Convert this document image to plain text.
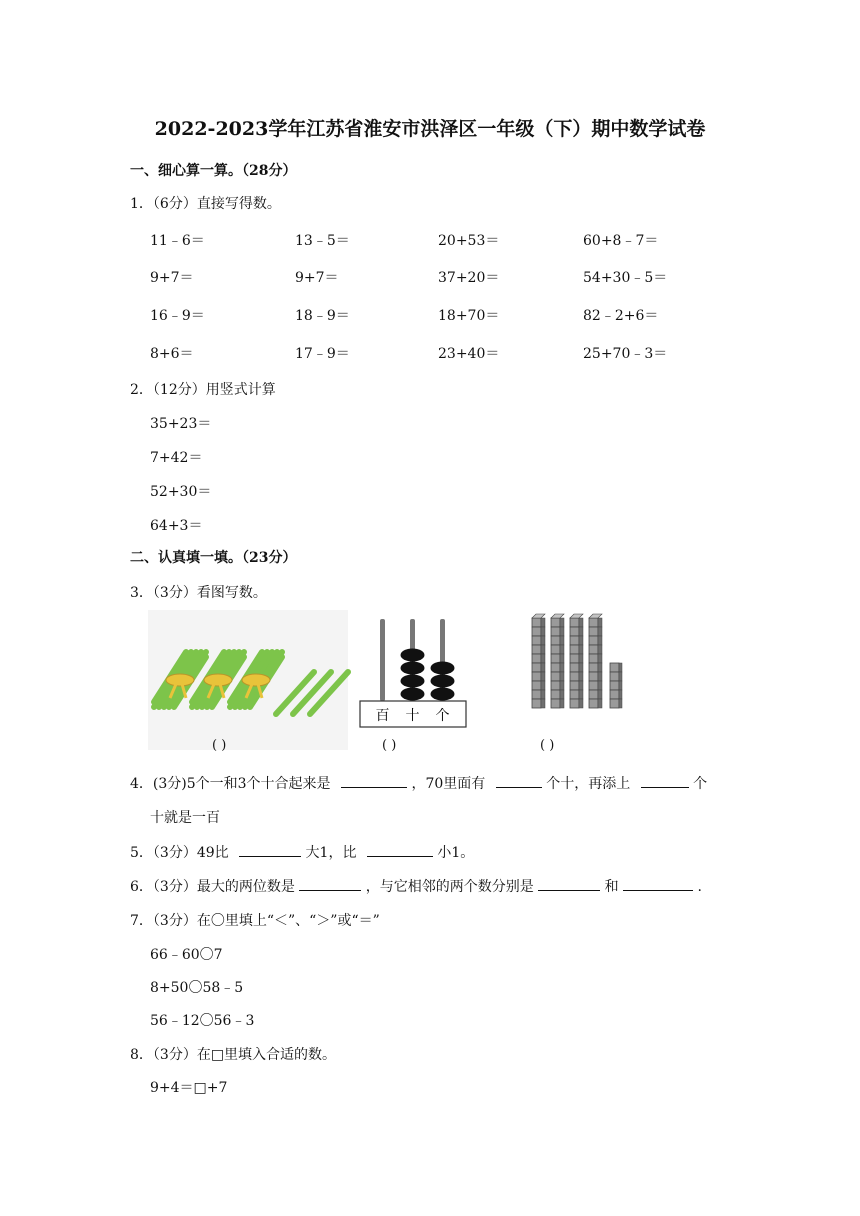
2022-2023学年江苏省淮安市洪泽区一年级（下）期中数学试卷
一、细心算一算。（28分）
1．（6分）直接写得数。
11﹣6＝	13﹣5＝	20+53＝	60+8﹣7＝
9+7＝	9+7＝	37+20＝	54+30﹣5＝
16﹣9＝	18﹣9＝	18+70＝	82﹣2+6＝
8+6＝	17﹣9＝	23+40＝	25+70﹣3＝
2．（12分）用竖式计算
35+23＝
7+42＝
52+30＝
64+3＝
二、认真填一填。（23分）
3．（3分）看图写数。
百 十 个
( )	( )	( )
4．(3分)5个一和3个十合起来是	，70里面有	个十，再添上	个
十就是一百
5．（3分）49比	大1，比	小1。
6．（3分）最大的两位数是	，与它相邻的两个数分别是	和	.
7．（3分）在〇里填上“＜”、“＞”或“＝”
66﹣60〇7
8+50〇58﹣5
56﹣12〇56﹣3
8．（3分）在□里填入合适的数。
9+4＝□+7
